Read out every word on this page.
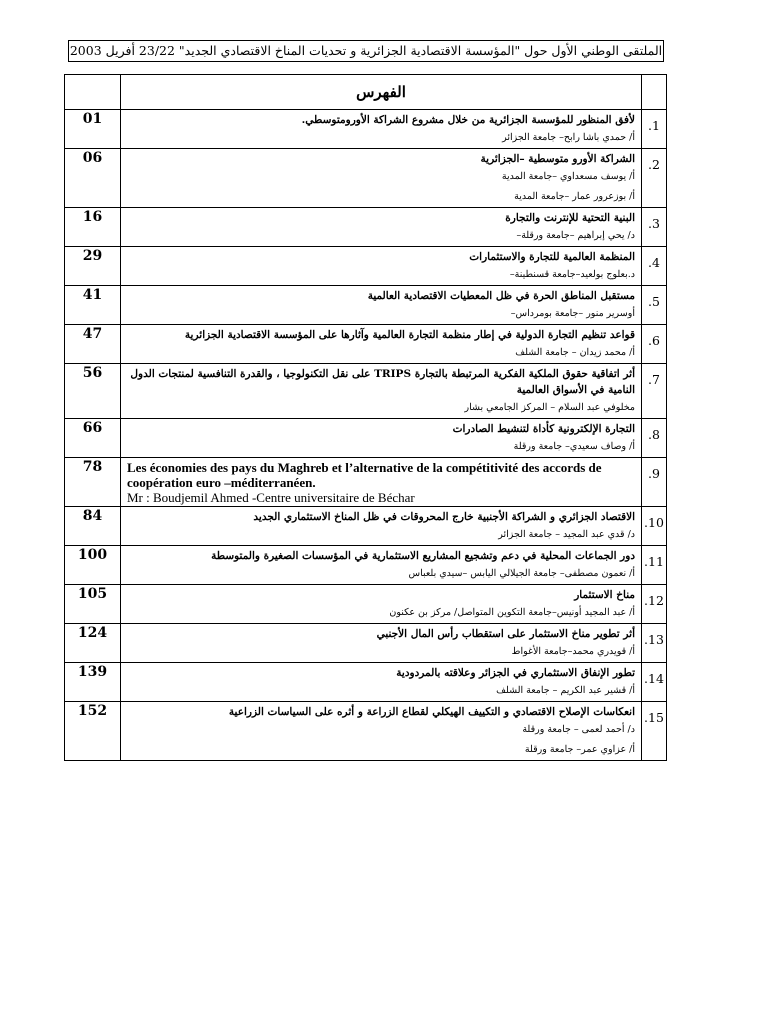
الملتقى الوطني الأول حول "المؤسسة الاقتصادية الجزائرية و تحديات المناخ الاقتصادي الجديد" 23/22 أفريل 2003
	الفهرس	
01	لأفق المنظور للمؤسسة الجزائرية من خلال مشروع الشراكة الأورومتوسطي.
أ/ حمدي باشا رابح– جامعة الجزائر	1.
06	الشراكة الأورو متوسطية –الجزائرية
أ/ يوسف مسعداوي –جامعة المدية
أ/ بوزعرور عمار –جامعة المدية	2.
16	البنية التحتية للإنترنت والتجارة
د/ يحي إبراهيم –جامعة ورقلة–	3.
29	المنظمة العالمية للتجارة والاستثمارات
د.بعلوج بولعيد–جامعة قسنطينة–	4.
41	مستقبل المناطق الحرة في ظل المعطيات الاقتصادية العالمية
أوسرير منور –جامعة بومرداس–	5.
47	قواعد تنظيم التجارة الدولية في إطار منظمة التجارة العالمية وآثارها على المؤسسة الاقتصادية الجزائرية
أ/ محمد زيدان – جامعة الشلف	6.
56	أثر اتفاقية حقوق الملكية الفكرية المرتبطة بالتجارة TRIPS على نقل التكنولوجيا ، والقدرة التنافسية لمنتجات الدول النامية في الأسواق العالمية
مخلوفي عبد السلام – المركز الجامعي بشار	7.
66	التجارة الإلكترونية كأداة لتنشيط الصادرات
أ/ وصاف سعيدي– جامعة ورقلة	8.
78	Les économies des pays du Maghreb et l’alternative de la compétitivité des accords de coopération euro –méditerranéen.
Mr : Boudjemil Ahmed -Centre universitaire de Béchar	9.
84	الاقتصاد الجزائري و الشراكة الأجنبية خارج المحروقات في ظل المناخ الاستثماري الجديد
د/ قدي عبد المجيد – جامعة الجزائر	10.
100	دور الجماعات المحلية في دعم وتشجيع المشاريع الاستثمارية في المؤسسات الصغيرة والمتوسطة
أ/ نعمون مصطفى– جامعة الجيلالي اليابس –سيدي بلعباس	11.
105	مناخ الاستثمار
أ/ عبد المجيد أونيس–جامعة التكوين المتواصل/ مركز بن عكنون	12.
124	أثر تطوير مناخ الاستثمار على استقطاب رأس المال الأجنبي
أ/ قويدري محمد–جامعة الأغواط	13.
139	تطور الإنفاق الاستثماري في الجزائر وعلاقته بالمردودية
أ/ قشير عبد الكريم – جامعة الشلف	14.
152	انعكاسات الإصلاح الاقتصادي و التكييف الهيكلي لقطاع الزراعة و أثره على السياسات الزراعية
د/ أحمد لعمى – جامعة ورقلة
أ/ عزاوي عمر– جامعة ورقلة	15.
